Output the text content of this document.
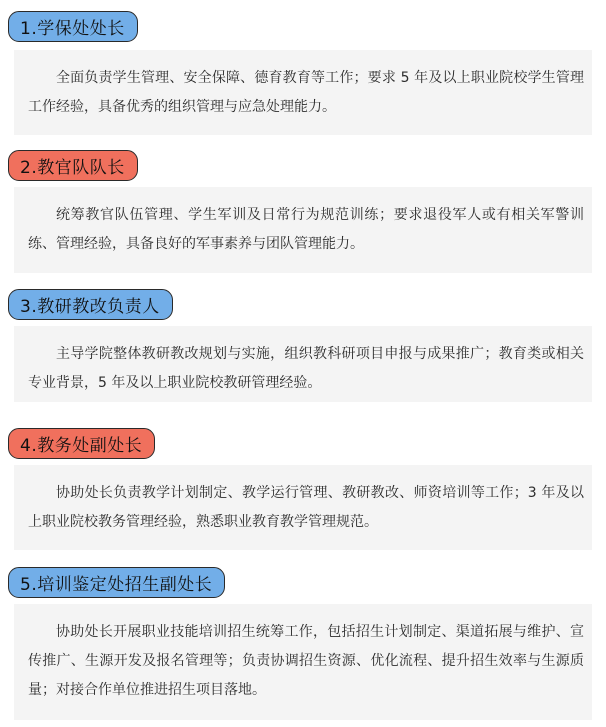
1.学保处处长
全面负责学生管理、安全保障、德育教育等工作；要求 5 年及以上职业院校学生管理工作经验，具备优秀的组织管理与应急处理能力。
2.教官队队长
统筹教官队伍管理、学生军训及日常行为规范训练；要求退役军人或有相关军警训练、管理经验，具备良好的军事素养与团队管理能力。
3.教研教改负责人
主导学院整体教研教改规划与实施，组织教科研项目申报与成果推广；教育类或相关专业背景，5 年及以上职业院校教研管理经验。
4.教务处副处长
协助处长负责教学计划制定、教学运行管理、教研教改、师资培训等工作；3 年及以上职业院校教务管理经验，熟悉职业教育教学管理规范。
5.培训鉴定处招生副处长
协助处长开展职业技能培训招生统筹工作，包括招生计划制定、渠道拓展与维护、宣传推广、生源开发及报名管理等；负责协调招生资源、优化流程、提升招生效率与生源质量；对接合作单位推进招生项目落地。
